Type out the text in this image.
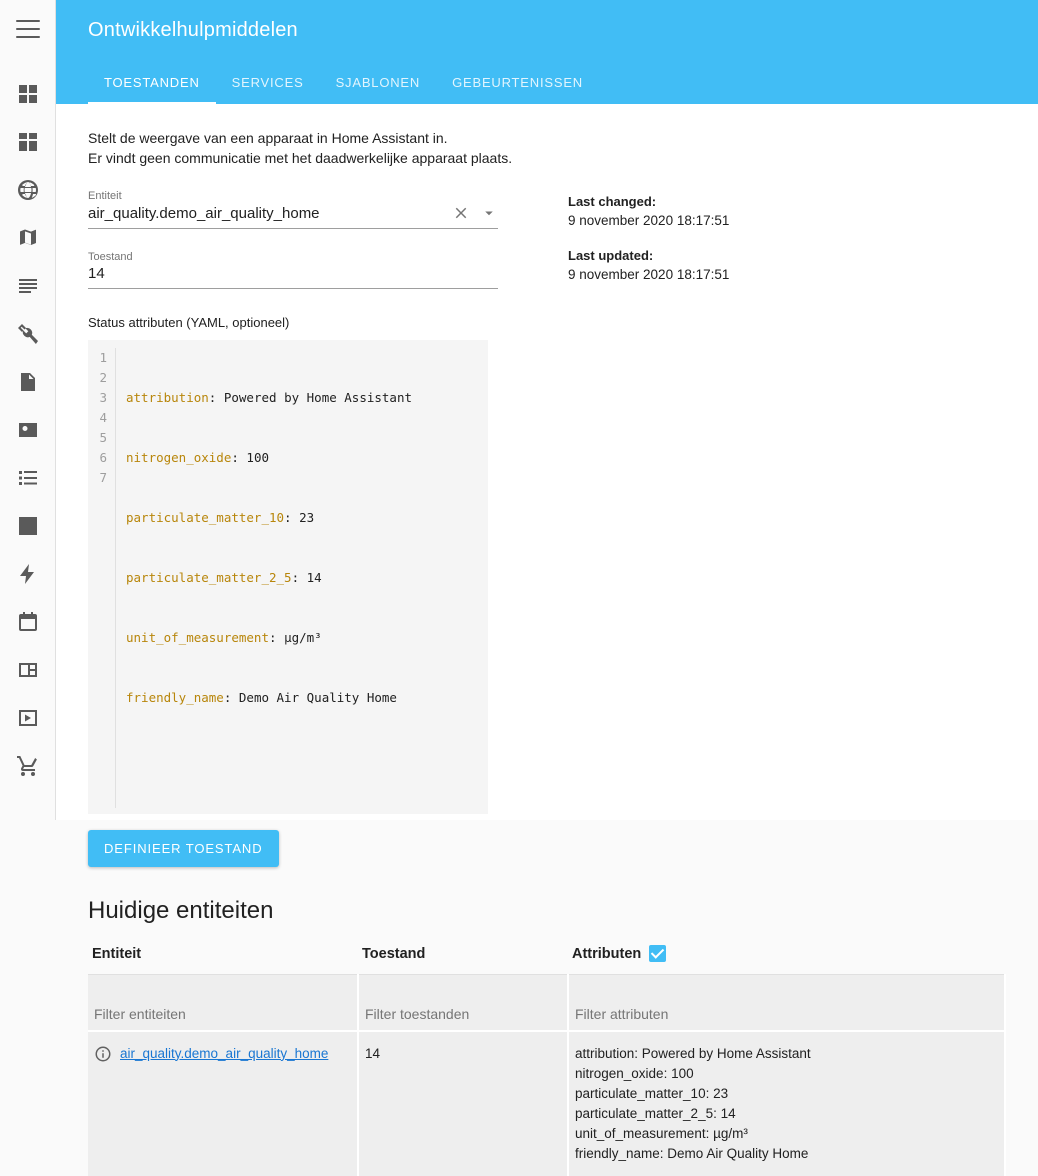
Ontwikkelhulpmiddelen
TOESTANDEN	SERVICES	SJABLONEN	GEBEURTENISSEN
Stelt de weergave van een apparaat in Home Assistant in.
Er vindt geen communicatie met het daadwerkelijke apparaat plaats.
Entiteit
air_quality.demo_air_quality_home
Toestand
14
Last changed:
9 november 2020 18:17:51
Last updated:
9 november 2020 18:17:51
Status attributen (YAML, optioneel)
1
2
3
4
5
6
7

attribution: Powered by Home Assistant

nitrogen_oxide: 100

particulate_matter_10: 23

particulate_matter_2_5: 14

unit_of_measurement: µg/m³

friendly_name: Demo Air Quality Home

DEFINIEER TOESTAND
Huidige entiteiten
Entiteit	Toestand	Attributen

Filter entiteiten	Filter toestanden	Filter attributen

air_quality.demo_air_quality_home	14	attribution: Powered by Home Assistant
nitrogen_oxide: 100
particulate_matter_10: 23
particulate_matter_2_5: 14
unit_of_measurement: µg/m³
friendly_name: Demo Air Quality Home
